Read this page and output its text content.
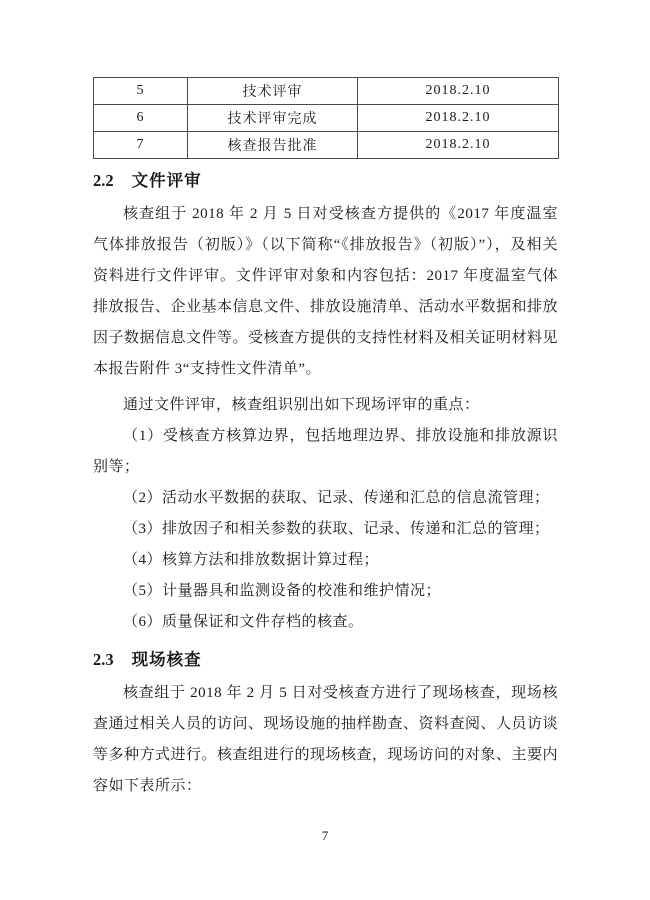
5	技术评审	2018.2.10
6	技术评审完成	2018.2.10
7	核查报告批准	2018.2.10
2.2 文件评审

核查组于 2018 年 2 月 5 日对受核查方提供的《2017 年度温室气体排放报告（初版）》（以下简称“《排放报告》（初版）”），及相关资料进行文件评审。文件评审对象和内容包括：2017 年度温室气体排放报告、企业基本信息文件、排放设施清单、活动水平数据和排放因子数据信息文件等。受核查方提供的支持性材料及相关证明材料见本报告附件 3“支持性文件清单”。

通过文件评审，核查组识别出如下现场评审的重点：

（1）受核查方核算边界，包括地理边界、排放设施和排放源识别等；

（2）活动水平数据的获取、记录、传递和汇总的信息流管理；

（3）排放因子和相关参数的获取、记录、传递和汇总的管理；

（4）核算方法和排放数据计算过程；

（5）计量器具和监测设备的校准和维护情况；

（6）质量保证和文件存档的核查。

2.3 现场核查

核查组于 2018 年 2 月 5 日对受核查方进行了现场核查，现场核查通过相关人员的访问、现场设施的抽样勘查、资料查阅、人员访谈等多种方式进行。核查组进行的现场核查，现场访问的对象、主要内容如下表所示：

7
